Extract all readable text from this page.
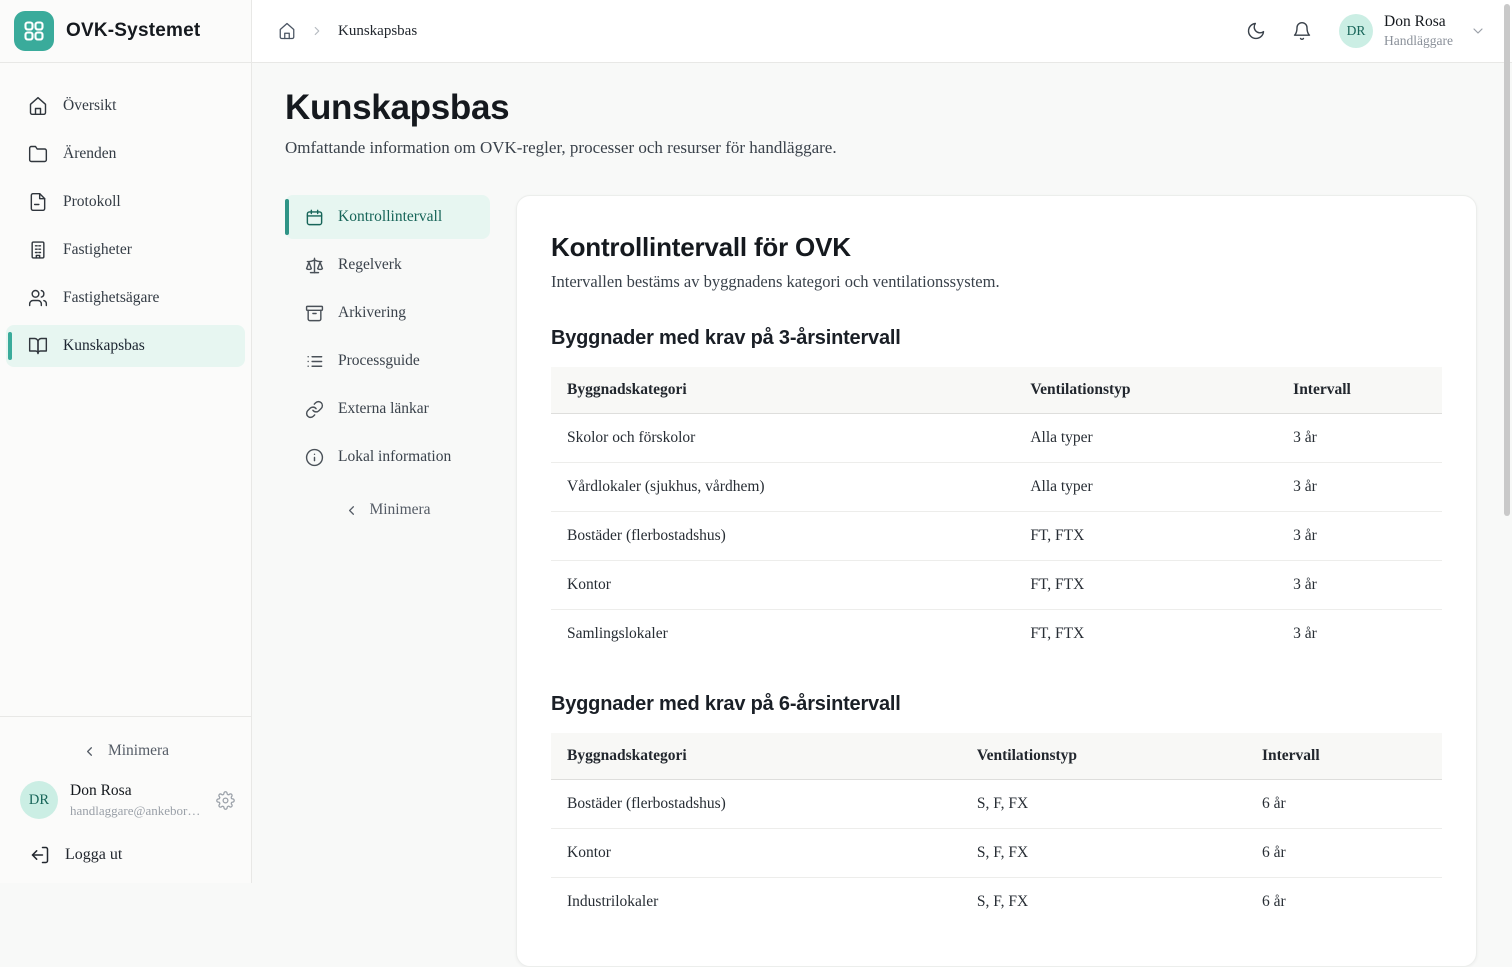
OVK-Systemet
Översikt
Ärenden
Protokoll
Fastigheter
Fastighetsägare
Kunskapsbas
Minimera
DR
Don Rosa
handlaggare@ankebor…
Logga ut
Kunskapsbas	DR
Don Rosa
Handläggare
Kunskapsbas

Omfattande information om OVK-regler, processer och resurser för handläggare.

Kontrollintervall
Regelverk
Arkivering
Processguide
Externa länkar
Lokal information
Minimera
Kontrollintervall för OVK

Intervallen bestäms av byggnadens kategori och ventilationssystem.

Byggnader med krav på 3-årsintervall
Byggnadskategori	Ventilationstyp	Intervall
Skolor och förskolor	Alla typer	3 år
Vårdlokaler (sjukhus, vårdhem)	Alla typer	3 år
Bostäder (flerbostadshus)	FT, FTX	3 år
Kontor	FT, FTX	3 år
Samlingslokaler	FT, FTX	3 år
Byggnader med krav på 6-årsintervall
Byggnadskategori	Ventilationstyp	Intervall
Bostäder (flerbostadshus)	S, F, FX	6 år
Kontor	S, F, FX	6 år
Industrilokaler	S, F, FX	6 år
